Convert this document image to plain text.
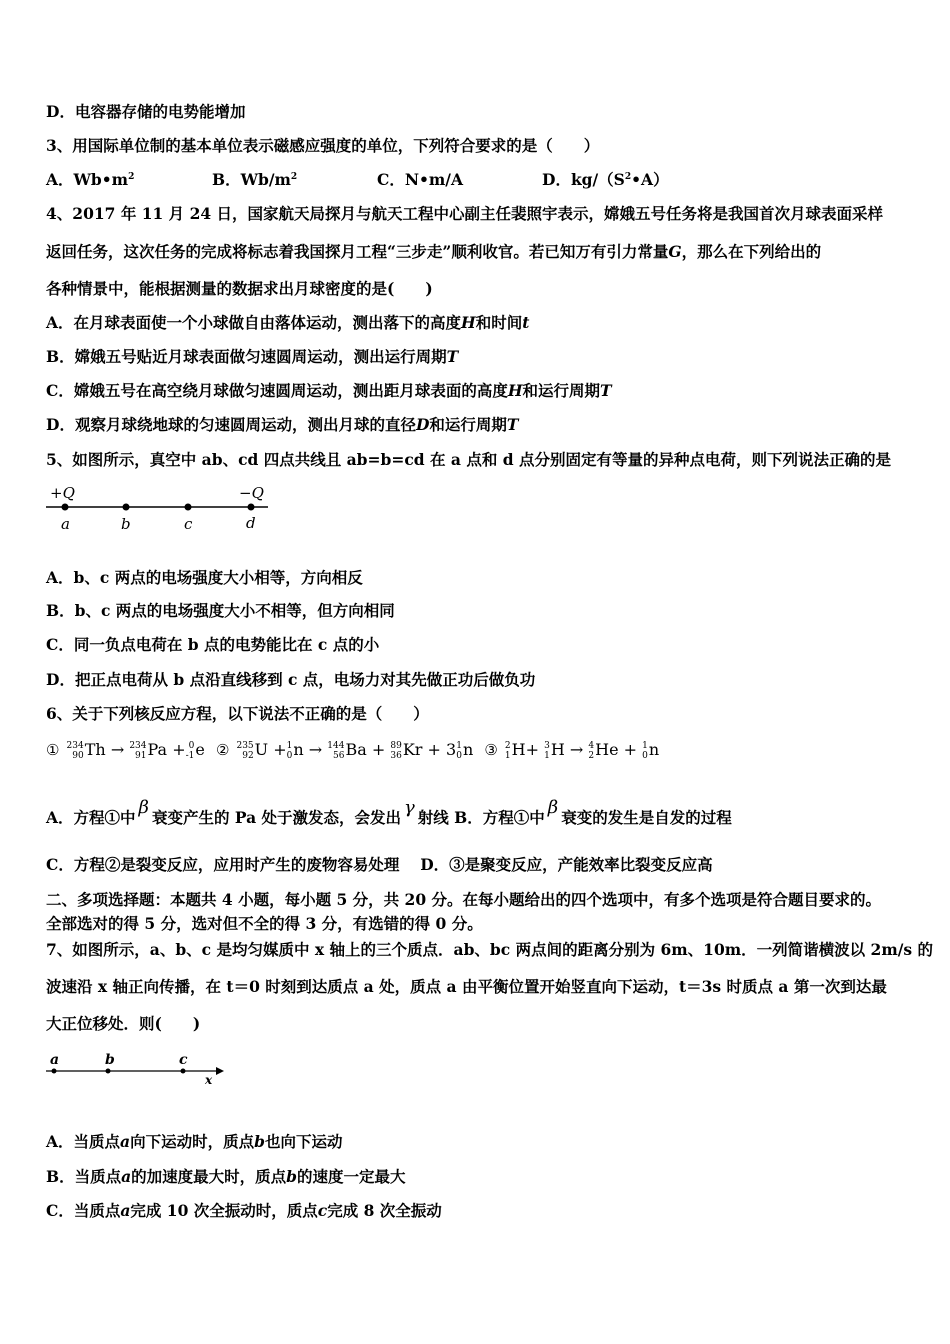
D．电容器存储的电势能增加
3、用国际单位制的基本单位表示磁感应强度的单位，下列符合要求的是（　　）
A．$Wb•m^2$	B．$Wb/m^2$	C．N•m/A	D．$kg/(S^2•A)$
4、2017 年 11 月 24 日，国家航天局探月与航天工程中心副主任裴照宇表示，嫦娥五号任务将是我国首次月球表面采样
返回任务，这次任务的完成将标志着我国探月工程“三步走”顺利收官。若已知万有引力常量G，那么在下列给出的
各种情景中，能根据测量的数据求出月球密度的是(　　)
A．在月球表面使一个小球做自由落体运动，测出落下的高度H和时间t
B．嫦娥五号贴近月球表面做匀速圆周运动，测出运行周期T
C．嫦娥五号在高空绕月球做匀速圆周运动，测出距月球表面的高度H和运行周期T
D．观察月球绕地球的匀速圆周运动，测出月球的直径D和运行周期T
5、如图所示，真空中 ab、cd 四点共线且 ab=b=cd 在 a 点和 d 点分别固定有等量的异种点电荷，则下列说法正确的是
+Q	−Q
a	b	c	d
A．b、c 两点的电场强度大小相等，方向相反
B．b、c 两点的电场强度大小不相等，但方向相同
C．同一负点电荷在 b 点的电势能比在 c 点的小
D．把正点电荷从 b 点沿直线移到 c 点，电场力对其先做正功后做负功
6、关于下列核反应方程，以下说法不正确的是（　　）
① 234
90 Th → 234
91 Pa + 0
-1 e ② 235
92 U + 1
0 n → 144
56 Ba + 89
36 Kr + 3 1
0 n ③ 2
1 H+ 3
1 H → 4
2 He + 1
0 n
A．方程①中 β 衰变产生的 Pa 处于激发态，会发出 γ 射线 B．方程①中 β 衰变的发生是自发的过程
C．方程②是裂变反应，应用时产生的废物容易处理　 D．③是聚变反应，产能效率比裂变反应高
二、多项选择题：本题共 4 小题，每小题 5 分，共 20 分。在每小题给出的四个选项中，有多个选项是符合题目要求的。
全部选对的得 5 分，选对但不全的得 3 分，有选错的得 0 分。
7、如图所示，a、b、c 是均匀媒质中 x 轴上的三个质点．ab、bc 两点间的距离分别为 6m、10m．一列简谐横波以 2m/s 的
波速沿 x 轴正向传播，在 t＝0 时刻到达质点 a 处，质点 a 由平衡位置开始竖直向下运动，t＝3s 时质点 a 第一次到达最
大正位移处．则(　　)
a	b	c
x
A．当质点a向下运动时，质点b也向下运动
B．当质点a的加速度最大时，质点b的速度一定最大
C．当质点a完成 10 次全振动时，质点c完成 8 次全振动
